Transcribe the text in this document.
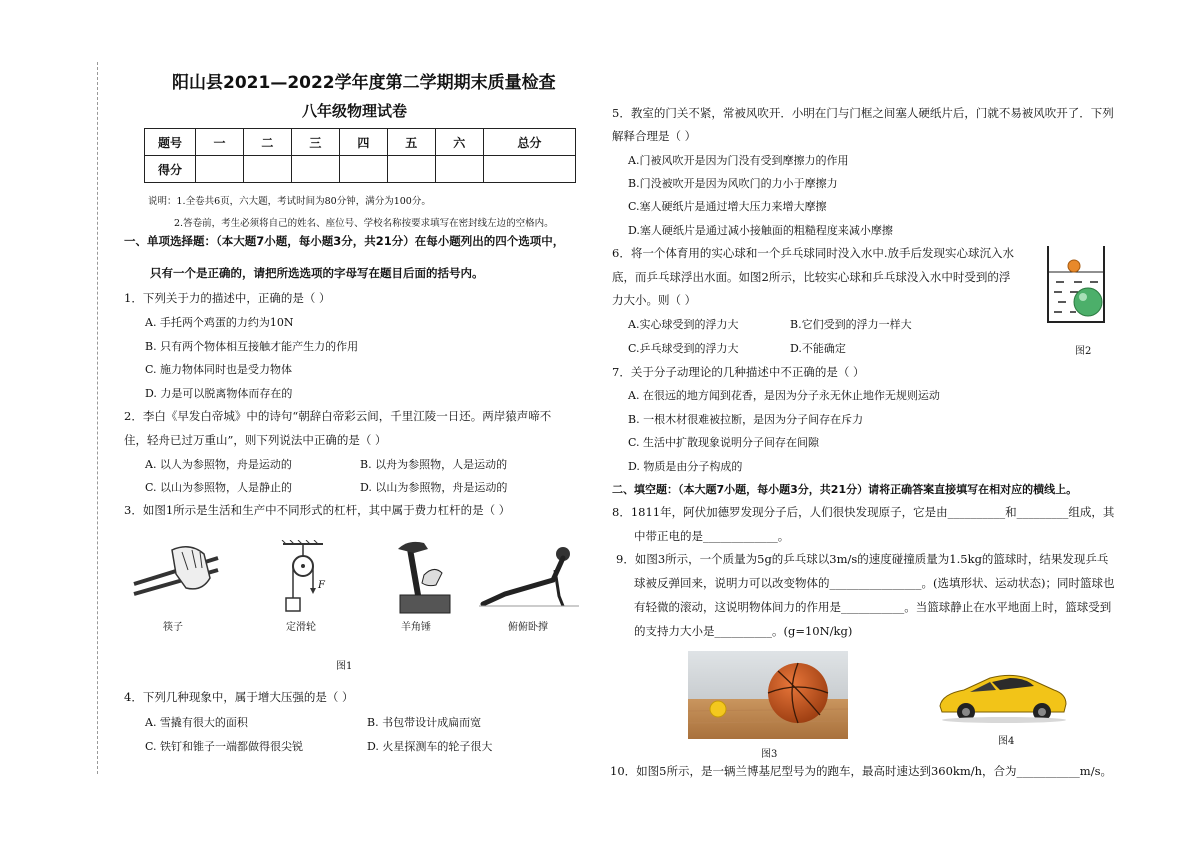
阳山县2021—2022学年度第二学期期末质量检查
八年级物理试卷
题号	一	二	三	四	五	六	总分
得分							
说明：1.全卷共6页，六大题，考试时间为80分钟，满分为100分。
2.答卷前，考生必须将自己的姓名、座位号、学校名称按要求填写在密封线左边的空格内。
一、单项选择题：（本大题7小题，每小题3分，共21分）在每小题列出的四个选项中，
只有一个是正确的，请把所选选项的字母写在题目后面的括号内。
1．下列关于力的描述中，正确的是（ ）
A. 手托两个鸡蛋的力约为10N
B. 只有两个物体相互接触才能产生力的作用
C. 施力物体同时也是受力物体
D. 力是可以脱离物体而存在的
2．李白《早发白帝城》中的诗句“朝辞白帝彩云间，千里江陵一日还。两岸猿声啼不
住，轻舟已过万重山”，则下列说法中正确的是（ ）
A. 以人为参照物，舟是运动的	B. 以舟为参照物，人是运动的
C. 以山为参照物，人是静止的	D. 以山为参照物，舟是运动的
3．如图1所示是生活和生产中不同形式的杠杆，其中属于费力杠杆的是（ ）
F
筷子	定滑轮	羊角锤	俯俯卧撑
图1
4．下列几种现象中，属于增大压强的是（ ）
A. 雪撬有很大的面积	B. 书包带设计成扁而宽
C. 铁钉和锥子一端都做得很尖锐	D. 火星探测车的轮子很大
5．教室的门关不紧，常被风吹开．小明在门与门框之间塞人硬纸片后，门就不易被风吹开了．下列
解释合理是（ ）
A.门被风吹开是因为门没有受到摩擦力的作用
B.门没被吹开是因为风吹门的力小于摩擦力
C.塞人硬纸片是通过增大压力来增大摩擦
D.塞人硬纸片是通过减小接触面的粗糙程度来减小摩擦
6．将一个体育用的实心球和一个乒乓球同时没入水中.放手后发现实心球沉入水
底，而乒乓球浮出水面。如图2所示，比较实心球和乒乓球没入水中时受到的浮
力大小。则（ ）
A.实心球受到的浮力大	B.它们受到的浮力一样大
C.乒乓球受到的浮力大	D.不能确定	图2
7．关于分子动理论的几种描述中不正确的是（ ）
A. 在很远的地方闻到花香，是因为分子永无休止地作无规则运动
B. 一根木材很难被拉断，是因为分子间存在斥力
C. 生活中扩散现象说明分子间存在间隙
D. 物质是由分子构成的
二、填空题：（本大题7小题，每小题3分，共21分）请将正确答案直接填写在相对应的横线上。
8．1811年，阿伏加德罗发现分子后，人们很快发现原子，它是由__________和_________组成，其
中带正电的是_____________。
9．如图3所示，一个质量为5g的乒乓球以3m/s的速度碰撞质量为1.5kg的篮球时，结果发现乒乓
球被反弹回来，说明力可以改变物体的________________。(选填形状、运动状态)；同时篮球也
有轻微的滚动，这说明物体间力的作用是___________。当篮球静止在水平地面上时，篮球受到
的支持力大小是__________。(g=10N/kg)
图3
图4
10．如图5所示，是一辆兰博基尼型号为的跑车，最高时速达到360km/h，合为___________m/s。
